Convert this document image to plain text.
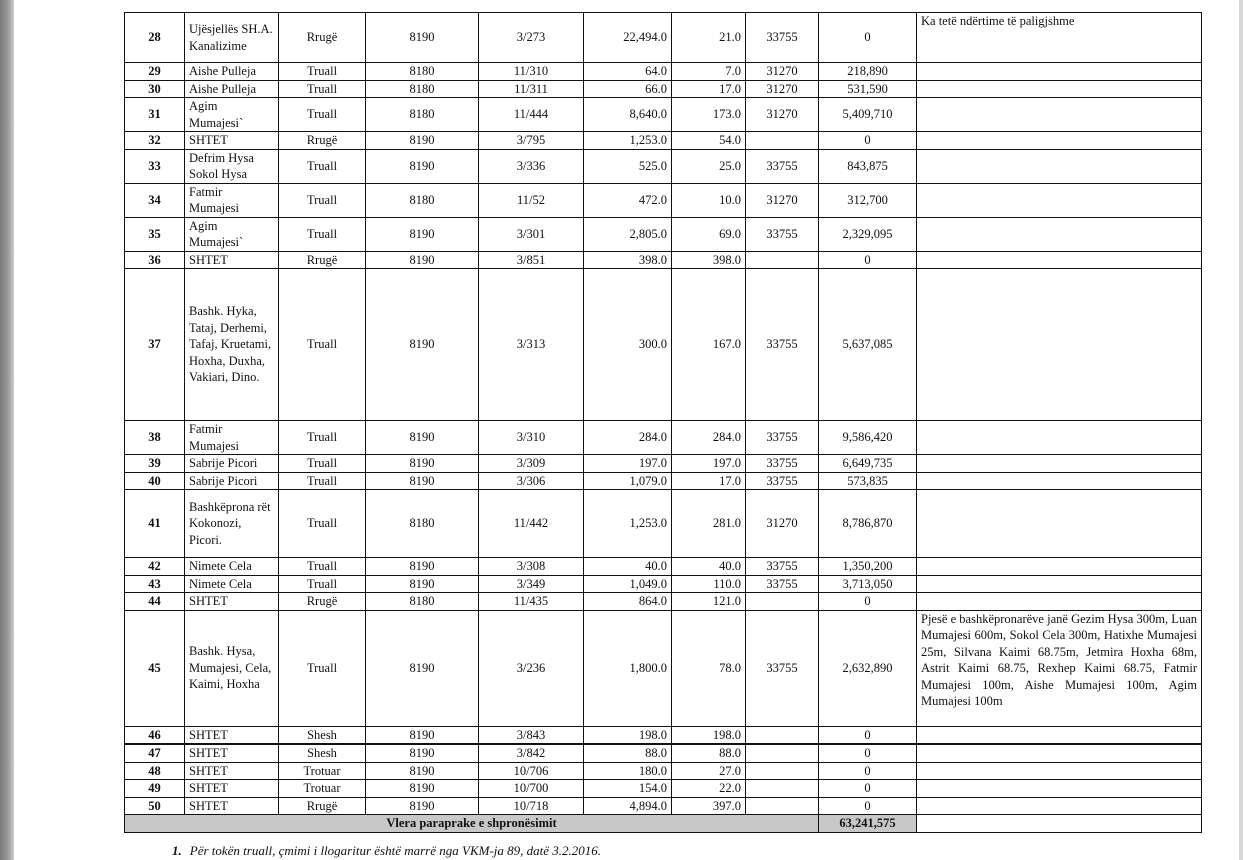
28	Ujësjellës SH.A. Kanalizime	Rrugë	8190	3/273	22,494.0	21.0	33755	0	Ka tetë ndërtime të paligjshme
29	Aishe Pulleja	Truall	8180	11/310	64.0	7.0	31270	218,890	
30	Aishe Pulleja	Truall	8180	11/311	66.0	17.0	31270	531,590	
31	Agim Mumajesi`	Truall	8180	11/444	8,640.0	173.0	31270	5,409,710	
32	SHTET	Rrugë	8190	3/795	1,253.0	54.0		0	
33	Defrim Hysa Sokol Hysa	Truall	8190	3/336	525.0	25.0	33755	843,875	
34	Fatmir Mumajesi	Truall	8180	11/52	472.0	10.0	31270	312,700	
35	Agim Mumajesi`	Truall	8190	3/301	2,805.0	69.0	33755	2,329,095	
36	SHTET	Rrugë	8190	3/851	398.0	398.0		0	
37	Bashk. Hyka, Tataj, Derhemi, Tafaj, Kruetami, Hoxha, Duxha, Vakiari, Dino.	Truall	8190	3/313	300.0	167.0	33755	5,637,085	
38	Fatmir Mumajesi	Truall	8190	3/310	284.0	284.0	33755	9,586,420	
39	Sabrije Picori	Truall	8190	3/309	197.0	197.0	33755	6,649,735	
40	Sabrije Picori	Truall	8190	3/306	1,079.0	17.0	33755	573,835	
41	Bashkëprona rët Kokonozi, Picori.	Truall	8180	11/442	1,253.0	281.0	31270	8,786,870	
42	Nimete Cela	Truall	8190	3/308	40.0	40.0	33755	1,350,200	
43	Nimete Cela	Truall	8190	3/349	1,049.0	110.0	33755	3,713,050	
44	SHTET	Rrugë	8180	11/435	864.0	121.0		0	
45	Bashk. Hysa, Mumajesi, Cela, Kaimi, Hoxha	Truall	8190	3/236	1,800.0	78.0	33755	2,632,890	Pjesë e bashkëpronarëve janë Gezim Hysa 300m, Luan Mumajesi 600m, Sokol Cela 300m, Hatixhe Mumajesi 25m, Silvana Kaimi 68.75m, Jetmira Hoxha 68m, Astrit Kaimi 68.75, Rexhep Kaimi 68.75, Fatmir Mumajesi 100m, Aishe Mumajesi 100m, Agim Mumajesi 100m
46	SHTET	Shesh	8190	3/843	198.0	198.0		0	
47	SHTET	Shesh	8190	3/842	88.0	88.0		0	
48	SHTET	Trotuar	8190	10/706	180.0	27.0		0	
49	SHTET	Trotuar	8190	10/700	154.0	22.0		0	
50	SHTET	Rrugë	8190	10/718	4,894.0	397.0		0	
Vlera paraprake e shpronësimit								63,241,575	
1. Për tokën truall, çmimi i llogaritur është marrë nga VKM-ja 89, datë 3.2.2016.
